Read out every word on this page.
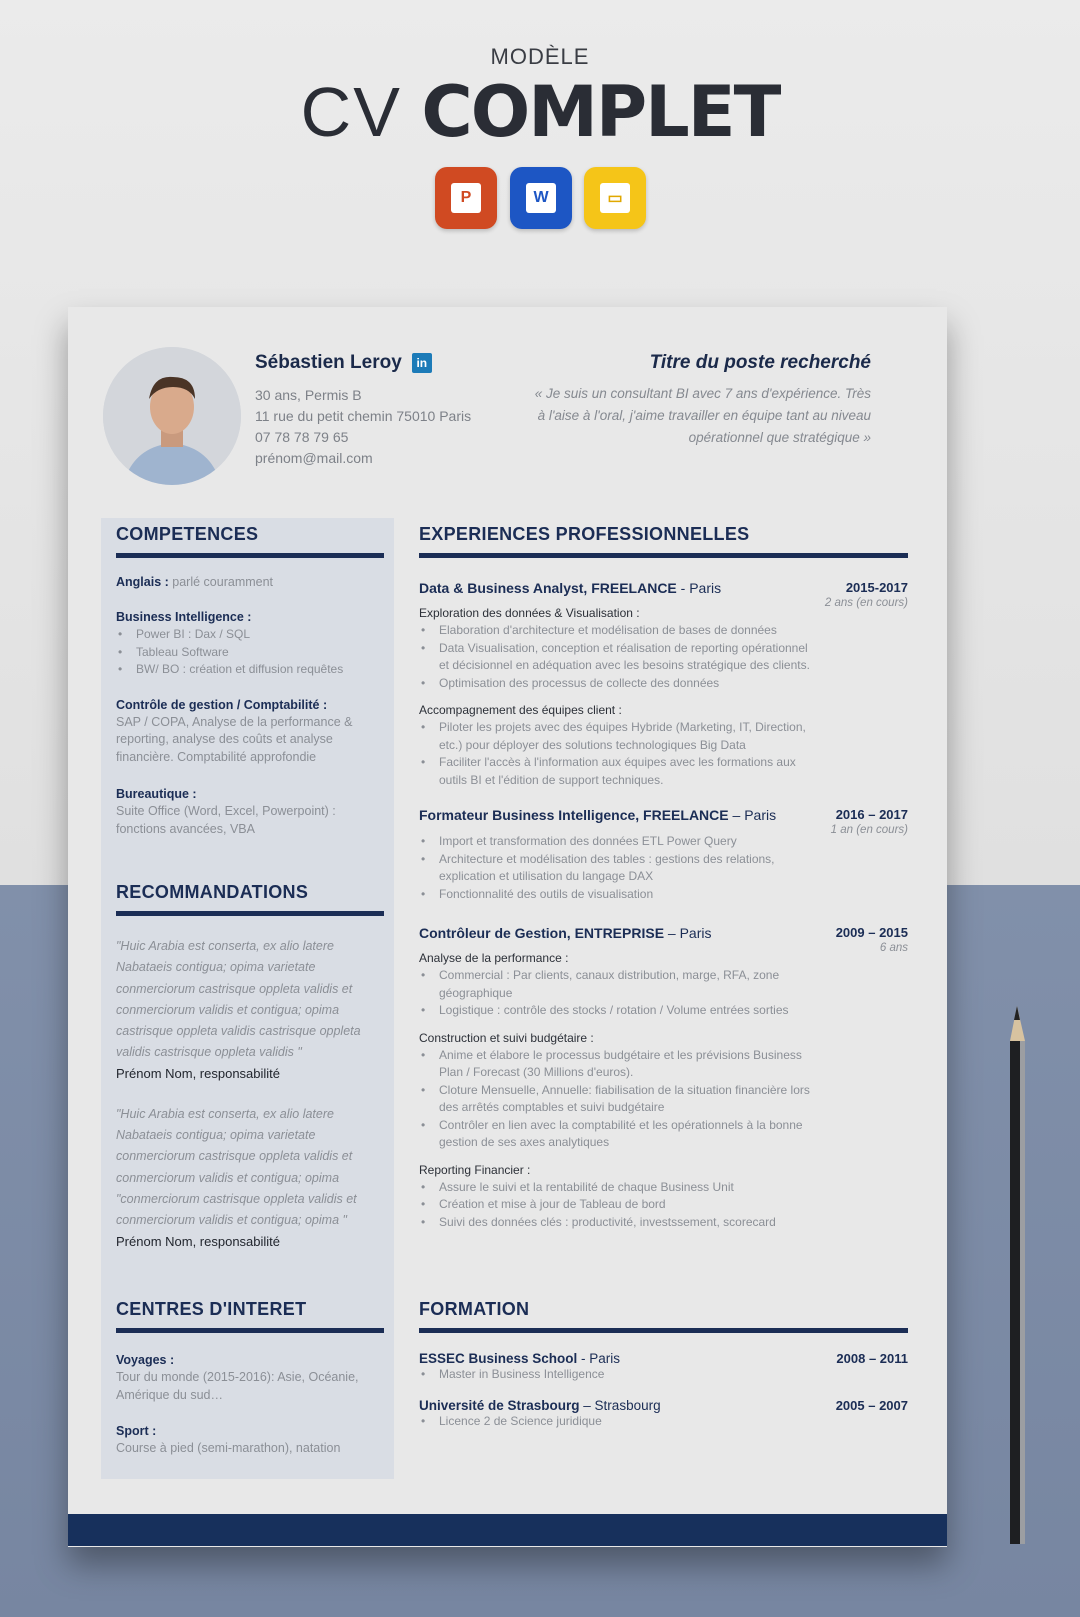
MODÈLE
CV COMPLET
P	W	▭
Sébastien Leroy	in
30 ans, Permis B
11 rue du petit chemin 75010 Paris
07 78 78 79 65
prénom@mail.com
Titre du poste recherché
« Je suis un consultant BI avec 7 ans d'expérience. Très à l'aise à l'oral, j'aime travailler en équipe tant au niveau opérationnel que stratégique »
COMPETENCES
Anglais : parlé couramment
Business Intelligence :
• Power BI : Dax / SQL
• Tableau Software
• BW/ BO : création et diffusion requêtes
Contrôle de gestion / Comptabilité :
SAP / COPA, Analyse de la performance & reporting, analyse des coûts et analyse financière. Comptabilité approfondie
Bureautique :
Suite Office (Word, Excel, Powerpoint) : fonctions avancées, VBA
RECOMMANDATIONS
"Huic Arabia est conserta, ex alio latere Nabataeis contigua; opima varietate conmerciorum castrisque oppleta validis et conmerciorum validis et contigua; opima castrisque oppleta validis castrisque oppleta validis castrisque oppleta validis "
Prénom Nom, responsabilité
"Huic Arabia est conserta, ex alio latere Nabataeis contigua; opima varietate conmerciorum castrisque oppleta validis et conmerciorum validis et contigua; opima "conmerciorum castrisque oppleta validis et conmerciorum validis et contigua; opima "
Prénom Nom, responsabilité
CENTRES D'INTERET
Voyages :
Tour du monde (2015-2016): Asie, Océanie, Amérique du sud…
Sport :
Course à pied (semi-marathon), natation
EXPERIENCES PROFESSIONNELLES
Data & Business Analyst, FREELANCE - Paris	2015-2017
2 ans (en cours)
Exploration des données & Visualisation :
• Elaboration d'architecture et modélisation de bases de données
• Data Visualisation, conception et réalisation de reporting opérationnel et décisionnel en adéquation avec les besoins stratégique des clients.
• Optimisation des processus de collecte des données
Accompagnement des équipes client :
• Piloter les projets avec des équipes Hybride (Marketing, IT, Direction, etc.) pour déployer des solutions technologiques Big Data
• Faciliter l'accès à l'information aux équipes avec les formations aux outils BI et l'édition de support techniques.
Formateur Business Intelligence, FREELANCE – Paris	2016 – 2017
1 an (en cours)
• Import et transformation des données ETL Power Query
• Architecture et modélisation des tables : gestions des relations, explication et utilisation du langage DAX
• Fonctionnalité des outils de visualisation
Contrôleur de Gestion, ENTREPRISE – Paris	2009 – 2015
6 ans
Analyse de la performance :
• Commercial : Par clients, canaux distribution, marge, RFA, zone géographique
• Logistique : contrôle des stocks / rotation / Volume entrées sorties
Construction et suivi budgétaire :
• Anime et élabore le processus budgétaire et les prévisions Business Plan / Forecast (30 Millions d'euros).
• Cloture Mensuelle, Annuelle: fiabilisation de la situation financière lors des arrêtés comptables et suivi budgétaire
• Contrôler en lien avec la comptabilité et les opérationnels à la bonne gestion de ses axes analytiques
Reporting Financier :
• Assure le suivi et la rentabilité de chaque Business Unit
• Création et mise à jour de Tableau de bord
• Suivi des données clés : productivité, investssement, scorecard
FORMATION
ESSEC Business School - Paris	2008 – 2011
• Master in Business Intelligence
Université de Strasbourg – Strasbourg	2005 – 2007
• Licence 2 de Science juridique
